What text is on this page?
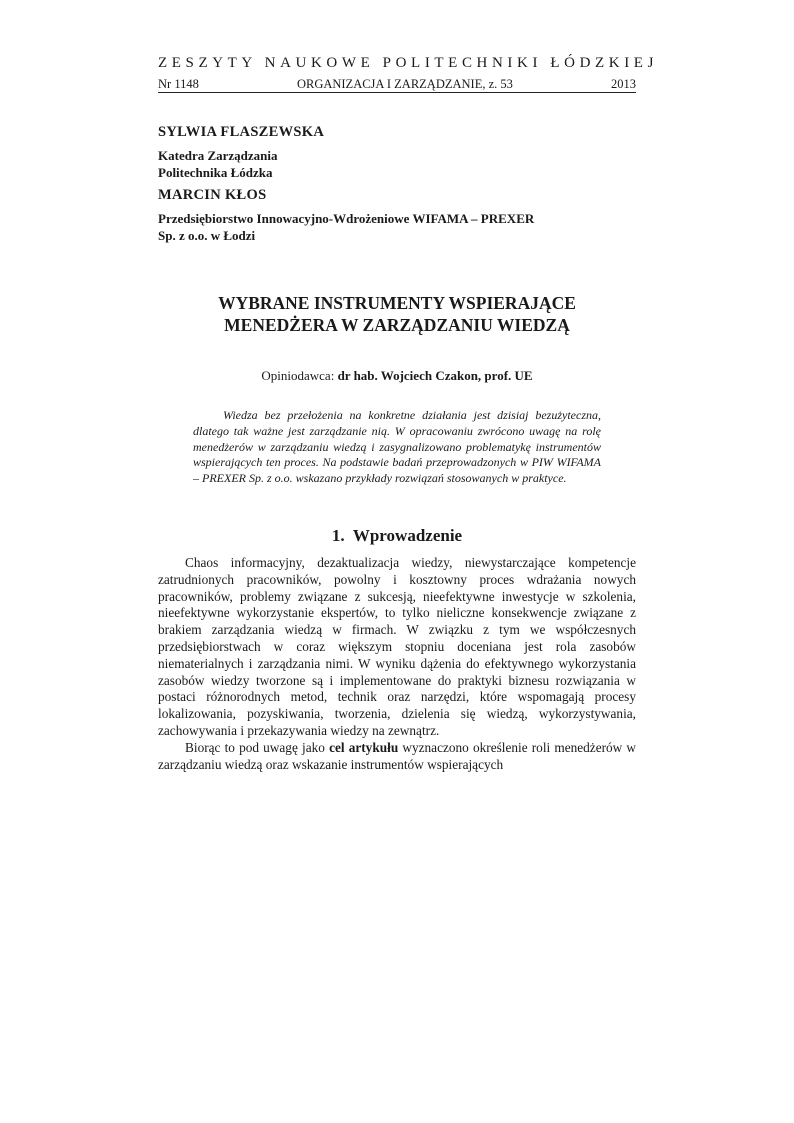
ZESZYTY NAUKOWE POLITECHNIKI ŁÓDZKIEJ
Nr 1148	ORGANIZACJA I ZARZĄDZANIE, z. 53	2013
SYLWIA FLASZEWSKA
Katedra Zarządzania
Politechnika Łódzka
MARCIN KŁOS
Przedsiębiorstwo Innowacyjno-Wdrożeniowe WIFAMA – PREXER
Sp. z o.o. w Łodzi
WYBRANE INSTRUMENTY WSPIERAJĄCE
MENEDŻERA W ZARZĄDZANIU WIEDZĄ
Opiniodawca: dr hab. Wojciech Czakon, prof. UE
Wiedza bez przełożenia na konkretne działania jest dzisiaj bezużyteczna, dlatego tak ważne jest zarządzanie nią. W opracowaniu zwrócono uwagę na rolę menedżerów w zarządzaniu wiedzą i zasygnalizowano problematykę instrumentów wspierających ten proces. Na podstawie badań przeprowadzonych w PIW WIFAMA – PREXER Sp. z o.o. wskazano przykłady rozwiązań stosowanych w praktyce.
1. Wprowadzenie

Chaos informacyjny, dezaktualizacja wiedzy, niewystarczające kompetencje zatrudnionych pracowników, powolny i kosztowny proces wdrażania nowych pracowników, problemy związane z sukcesją, nieefektywne inwestycje w szkolenia, nieefektywne wykorzystanie ekspertów, to tylko nieliczne konsekwencje związane z brakiem zarządzania wiedzą w firmach. W związku z tym we współczesnych przedsiębiorstwach w coraz większym stopniu doceniana jest rola zasobów niematerialnych i zarządzania nimi. W wyniku dążenia do efektywnego wykorzystania zasobów wiedzy tworzone są i implementowane do praktyki biznesu rozwiązania w postaci różnorodnych metod, technik oraz narzędzi, które wspomagają procesy lokalizowania, pozyskiwania, tworzenia, dzielenia się wiedzą, wykorzystywania, zachowywania i przekazywania wiedzy na zewnątrz.

Biorąc to pod uwagę jako cel artykułu wyznaczono określenie roli menedżerów w zarządzaniu wiedzą oraz wskazanie instrumentów wspierających
